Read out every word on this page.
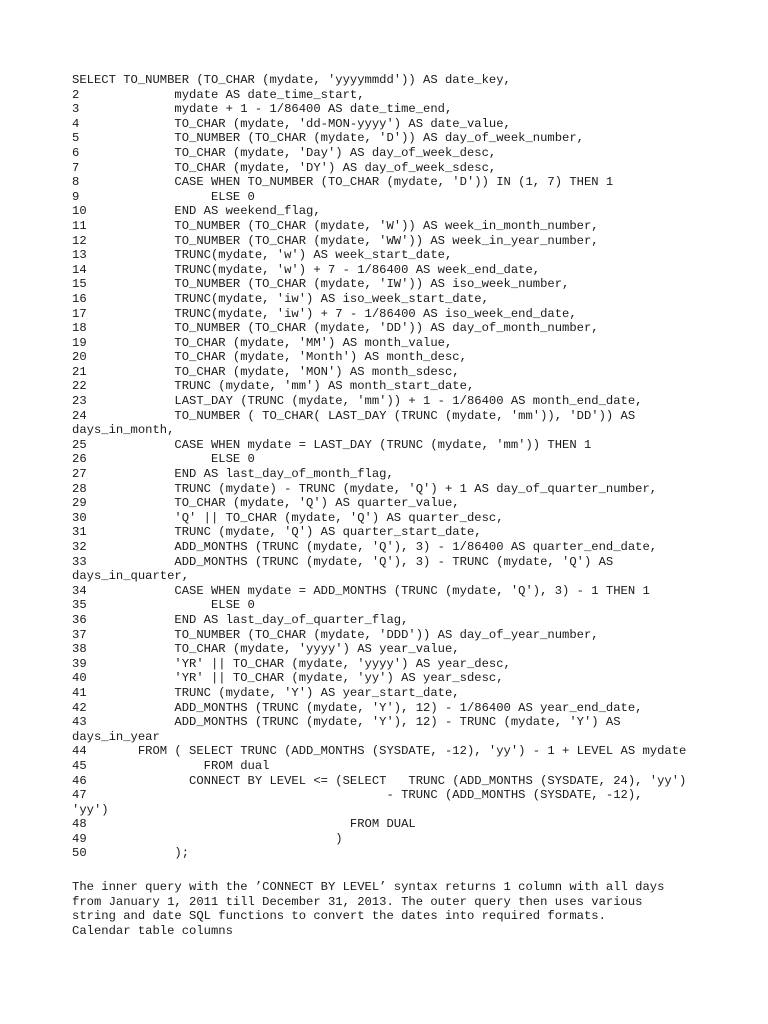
SELECT TO_NUMBER (TO_CHAR (mydate, 'yyyymmdd')) AS date_key,
2             mydate AS date_time_start,
3             mydate + 1 - 1/86400 AS date_time_end,
4             TO_CHAR (mydate, 'dd-MON-yyyy') AS date_value,
5             TO_NUMBER (TO_CHAR (mydate, 'D')) AS day_of_week_number,
6             TO_CHAR (mydate, 'Day') AS day_of_week_desc,
7             TO_CHAR (mydate, 'DY') AS day_of_week_sdesc,
8             CASE WHEN TO_NUMBER (TO_CHAR (mydate, 'D')) IN (1, 7) THEN 1
9                  ELSE 0
10            END AS weekend_flag,
11            TO_NUMBER (TO_CHAR (mydate, 'W')) AS week_in_month_number,
12            TO_NUMBER (TO_CHAR (mydate, 'WW')) AS week_in_year_number,
13            TRUNC(mydate, 'w') AS week_start_date,
14            TRUNC(mydate, 'w') + 7 - 1/86400 AS week_end_date,
15            TO_NUMBER (TO_CHAR (mydate, 'IW')) AS iso_week_number,
16            TRUNC(mydate, 'iw') AS iso_week_start_date,
17            TRUNC(mydate, 'iw') + 7 - 1/86400 AS iso_week_end_date,
18            TO_NUMBER (TO_CHAR (mydate, 'DD')) AS day_of_month_number,
19            TO_CHAR (mydate, 'MM') AS month_value,
20            TO_CHAR (mydate, 'Month') AS month_desc,
21            TO_CHAR (mydate, 'MON') AS month_sdesc,
22            TRUNC (mydate, 'mm') AS month_start_date,
23            LAST_DAY (TRUNC (mydate, 'mm')) + 1 - 1/86400 AS month_end_date,
24            TO_NUMBER ( TO_CHAR( LAST_DAY (TRUNC (mydate, 'mm')), 'DD')) AS
days_in_month,
25            CASE WHEN mydate = LAST_DAY (TRUNC (mydate, 'mm')) THEN 1
26                 ELSE 0
27            END AS last_day_of_month_flag,
28            TRUNC (mydate) - TRUNC (mydate, 'Q') + 1 AS day_of_quarter_number,
29            TO_CHAR (mydate, 'Q') AS quarter_value,
30            'Q' || TO_CHAR (mydate, 'Q') AS quarter_desc,
31            TRUNC (mydate, 'Q') AS quarter_start_date,
32            ADD_MONTHS (TRUNC (mydate, 'Q'), 3) - 1/86400 AS quarter_end_date,
33            ADD_MONTHS (TRUNC (mydate, 'Q'), 3) - TRUNC (mydate, 'Q') AS
days_in_quarter,
34            CASE WHEN mydate = ADD_MONTHS (TRUNC (mydate, 'Q'), 3) - 1 THEN 1
35                 ELSE 0
36            END AS last_day_of_quarter_flag,
37            TO_NUMBER (TO_CHAR (mydate, 'DDD')) AS day_of_year_number,
38            TO_CHAR (mydate, 'yyyy') AS year_value,
39            'YR' || TO_CHAR (mydate, 'yyyy') AS year_desc,
40            'YR' || TO_CHAR (mydate, 'yy') AS year_sdesc,
41            TRUNC (mydate, 'Y') AS year_start_date,
42            ADD_MONTHS (TRUNC (mydate, 'Y'), 12) - 1/86400 AS year_end_date,
43            ADD_MONTHS (TRUNC (mydate, 'Y'), 12) - TRUNC (mydate, 'Y') AS
days_in_year
44       FROM ( SELECT TRUNC (ADD_MONTHS (SYSDATE, -12), 'yy') - 1 + LEVEL AS mydate
45                FROM dual
46              CONNECT BY LEVEL <= (SELECT   TRUNC (ADD_MONTHS (SYSDATE, 24), 'yy')
47                                         - TRUNC (ADD_MONTHS (SYSDATE, -12),
'yy')
48                                    FROM DUAL
49                                  )
50            );
The inner query with the ’CONNECT BY LEVEL’ syntax returns 1 column with all days
from January 1, 2011 till December 31, 2013. The outer query then uses various
string and date SQL functions to convert the dates into required formats.
Calendar table columns
